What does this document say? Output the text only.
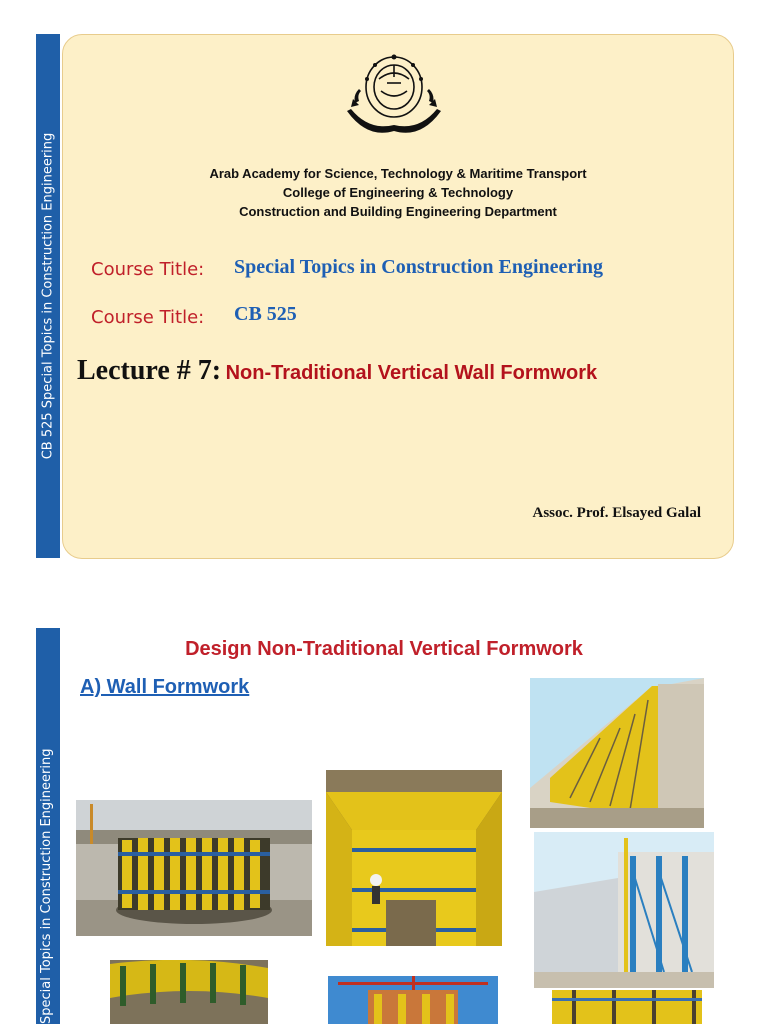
CB 525 Special Topics in Construction Engineering	Arab Academy for Science, Technology & Maritime Transport
College of Engineering & Technology
Construction and Building Engineering Department
Course Title: Special Topics in Construction Engineering
Course Title: CB 525
Lecture # 7: Non-Traditional Vertical Wall Formwork
Assoc. Prof. Elsayed Galal
Special Topics in Construction Engineering
Design Non-Traditional Vertical Formwork
A) Wall Formwork
